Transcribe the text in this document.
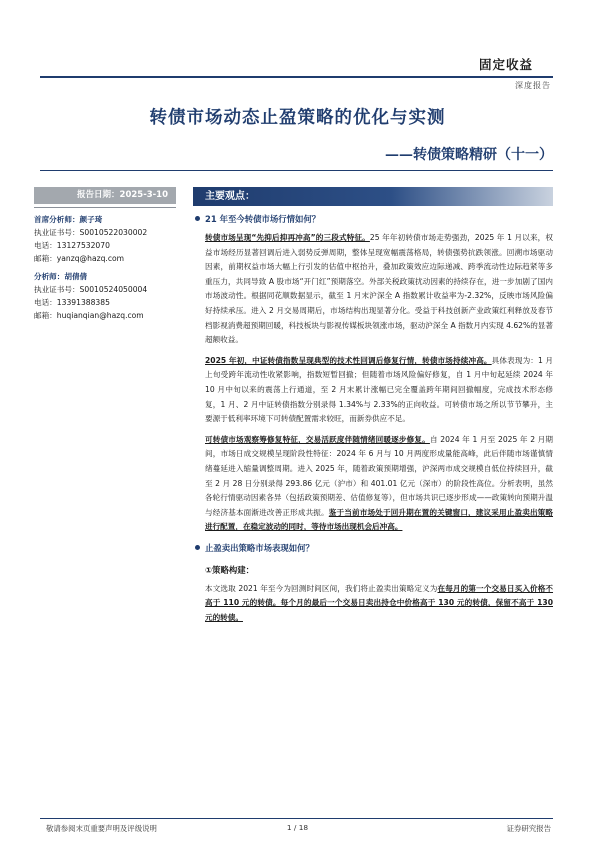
固定收益
深度报告
转债市场动态止盈策略的优化与实测
——转债策略精研（十一）
报告日期：2025-3-10
首席分析师：颜子琦
执业证书号：S0010522030002
电话：13127532070
邮箱：yanzq@hazq.com
分析师：胡倩倩
执业证书号：S0010524050004
电话：13391388385
邮箱：huqianqian@hazq.com
主要观点：
21 年至今转债市场行情如何？

转债市场呈现“先抑后抑再冲高”的三段式特征。25 年年初转债市场走势强劲，2025 年 1 月以来，权益市场经历显著回调后进入弱势反弹周期，整体呈现宽幅震荡格局，转债强势抗跌领涨。回溯市场驱动因素，前期权益市场大幅上行引发的估值中枢抬升，叠加政策效应边际递减、跨季流动性边际趋紧等多重压力，共同导致 A 股市场“开门红”预期落空。外部关税政策扰动因素的持续存在，进一步加剧了国内市场波动性。根据同花顺数据显示，截至 1 月末沪深全 A 指数累计收益率为-2.32%，反映市场风险偏好持续承压。进入 2 月交易周期后，市场结构出现显著分化。受益于科技创新产业政策红利释放及春节档影视消费超预期回暖，科技板块与影视传媒板块领涨市场，驱动沪深全 A 指数月内实现 4.62%的显著超额收益。

2025 年初，中证转债指数呈现典型的技术性回调后修复行情，转债市场持续冲高。具体表现为：1 月上旬受跨年流动性收紧影响，指数短暂回撤；但随着市场风险偏好修复，自 1 月中旬起延续 2024 年 10 月中旬以来的震荡上行通道，至 2 月末累计涨幅已完全覆盖跨年期间回撤幅度，完成技术形态修复，1 月、2 月中证转债指数分别录得 1.34%与 2.33%的正向收益。可转债市场之所以节节攀升，主要源于低利率环境下可转债配置需求较旺，而新券供应不足。

可转债市场观察筹修复特征，交易活跃度伴随情绪回暖逐步修复。自 2024 年 1 月至 2025 年 2 月期间，市场日成交规模呈现阶段性特征：2024 年 6 月与 10 月两度形成量能高峰，此后伴随市场谨慎情绪蔓延进入缩量调整周期。进入 2025 年，随着政策预期增强，沪深两市成交规模自低位持续回升，截至 2 月 28 日分别录得 293.86 亿元（沪市）和 401.01 亿元（深市）的阶段性高位。分析表明，虽然各轮行情驱动因素各异（包括政策预期差、估值修复等），但市场共识已逐步形成——政策转向预期升温与经济基本面渐进改善正形成共振。鉴于当前市场处于回升期在置的关键窗口，建议采用止盈卖出策略进行配置，在稳定波动的同时，等待市场出现机会后冲高。

止盈卖出策略市场表现如何？
①策略构建：

本文选取 2021 年至今为回测时间区间，我们将止盈卖出策略定义为在每月的第一个交易日买入价格不高于 110 元的转债。每个月的最后一个交易日卖出持仓中价格高于 130 元的转债，保留不高于 130 元的转债。

敬请参阅末页重要声明及评级说明	1 / 18	证券研究报告
